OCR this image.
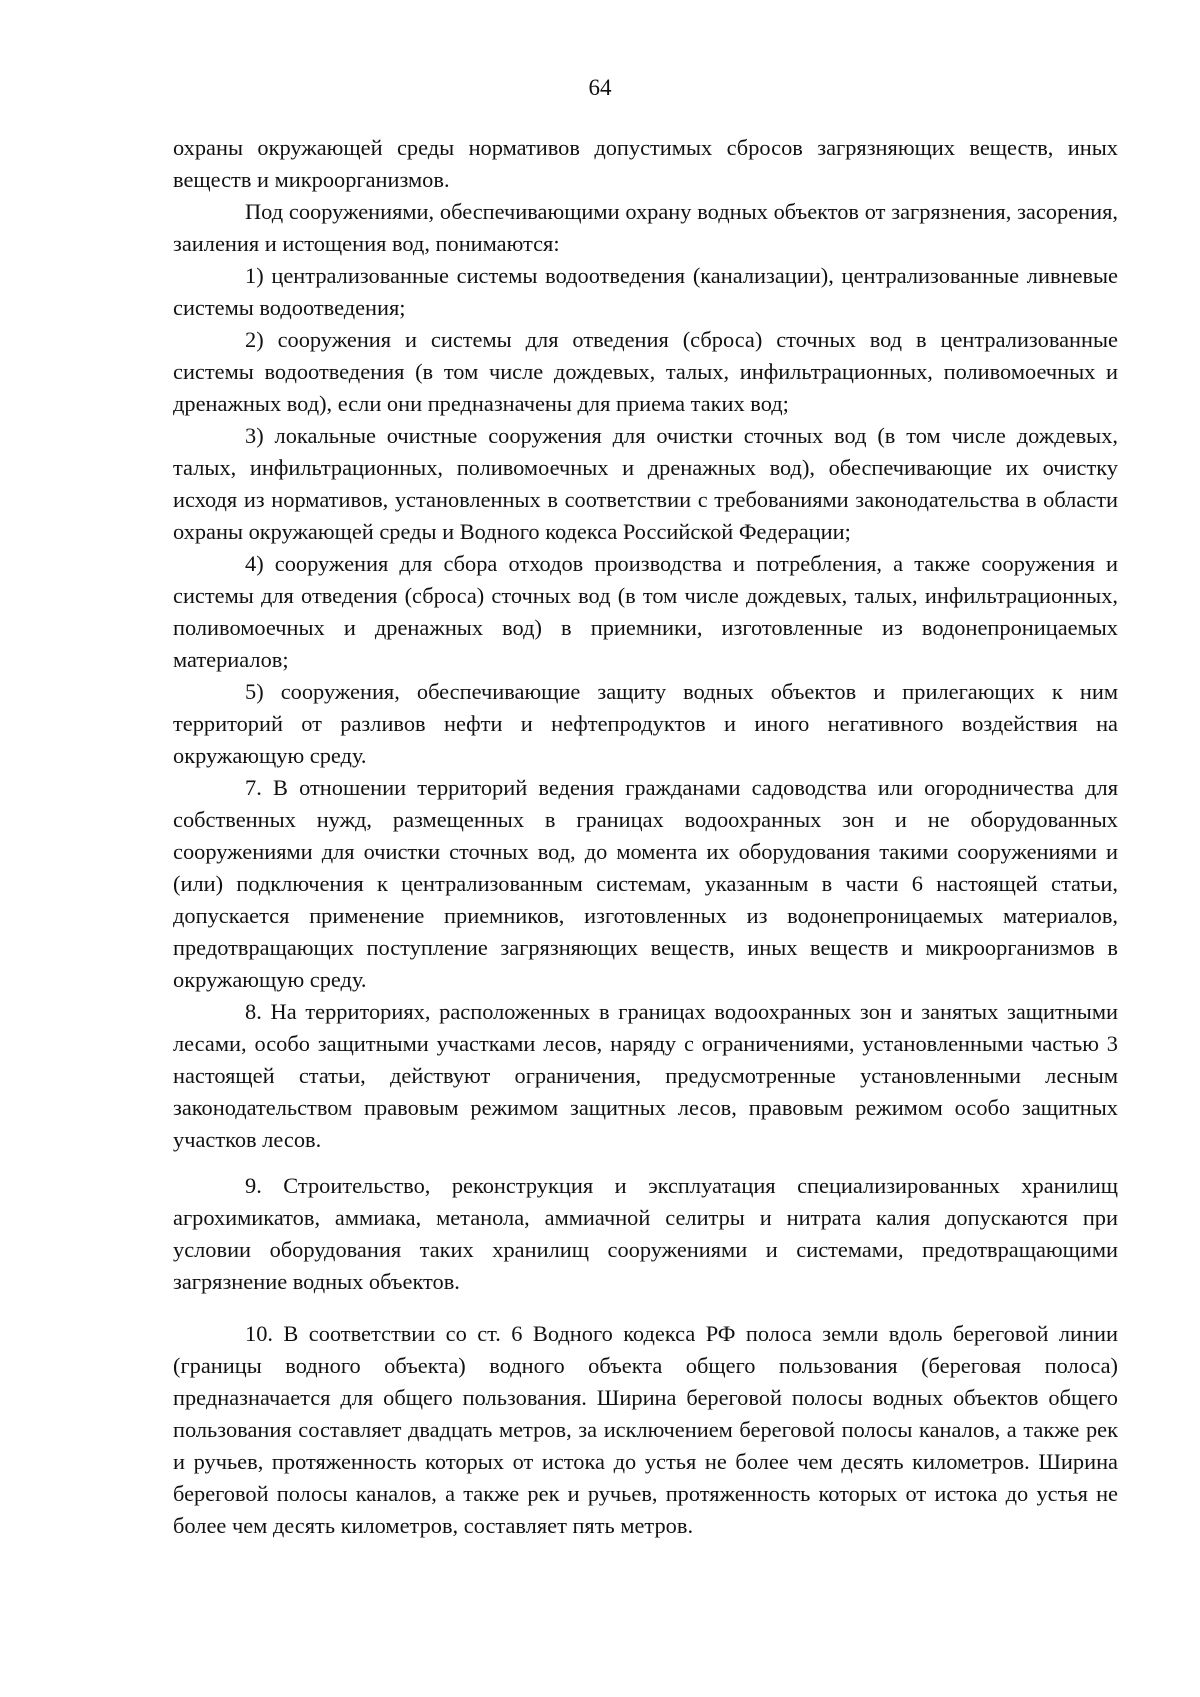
64

охраны окружающей среды нормативов допустимых сбросов загрязняющих веществ, иных веществ и микроорганизмов.

Под сооружениями, обеспечивающими охрану водных объектов от загрязнения, засорения, заиления и истощения вод, понимаются:

1) централизованные системы водоотведения (канализации), централизованные ливневые системы водоотведения;

2) сооружения и системы для отведения (сброса) сточных вод в централизованные системы водоотведения (в том числе дождевых, талых, инфильтрационных, поливомоечных и дренажных вод), если они предназначены для приема таких вод;

3) локальные очистные сооружения для очистки сточных вод (в том числе дождевых, талых, инфильтрационных, поливомоечных и дренажных вод), обеспечивающие их очистку исходя из нормативов, установленных в соответствии с требованиями законодательства в области охраны окружающей среды и Водного кодекса Российской Федерации;

4) сооружения для сбора отходов производства и потребления, а также сооружения и системы для отведения (сброса) сточных вод (в том числе дождевых, талых, инфильтрационных, поливомоечных и дренажных вод) в приемники, изготовленные из водонепроницаемых материалов;

5) сооружения, обеспечивающие защиту водных объектов и прилегающих к ним территорий от разливов нефти и нефтепродуктов и иного негативного воздействия на окружающую среду.

7. В отношении территорий ведения гражданами садоводства или огородничества для собственных нужд, размещенных в границах водоохранных зон и не оборудованных сооружениями для очистки сточных вод, до момента их оборудования такими сооружениями и (или) подключения к централизованным системам, указанным в части 6 настоящей статьи, допускается применение приемников, изготовленных из водонепроницаемых материалов, предотвращающих поступление загрязняющих веществ, иных веществ и микроорганизмов в окружающую среду.

8. На территориях, расположенных в границах водоохранных зон и занятых защитными лесами, особо защитными участками лесов, наряду с ограничениями, установленными частью 3 настоящей статьи, действуют ограничения, предусмотренные установленными лесным законодательством правовым режимом защитных лесов, правовым режимом особо защитных участков лесов.

9. Строительство, реконструкция и эксплуатация специализированных хранилищ агрохимикатов, аммиака, метанола, аммиачной селитры и нитрата калия допускаются при условии оборудования таких хранилищ сооружениями и системами, предотвращающими загрязнение водных объектов.

10. В соответствии со ст. 6 Водного кодекса РФ полоса земли вдоль береговой линии (границы водного объекта) водного объекта общего пользования (береговая полоса) предназначается для общего пользования. Ширина береговой полосы водных объектов общего пользования составляет двадцать метров, за исключением береговой полосы каналов, а также рек и ручьев, протяженность которых от истока до устья не более чем десять километров. Ширина береговой полосы каналов, а также рек и ручьев, протяженность которых от истока до устья не более чем десять километров, составляет пять метров.
